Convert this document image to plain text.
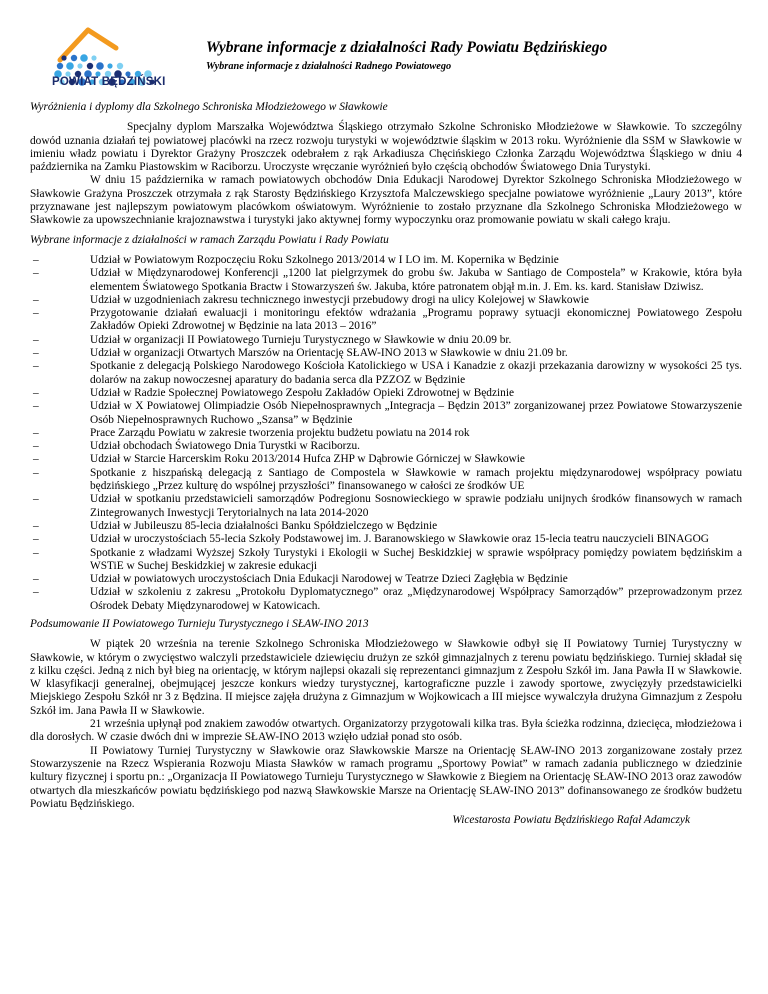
POWIAT BĘDZIŃSKI
Wybrane informacje z działalności Rady Powiatu Będzińskiego
Wybrane informacje z działalności Radnego Powiatowego
Wyróżnienia i dyplomy dla Szkolnego Schroniska Młodzieżowego w Sławkowie

Specjalny dyplom Marszałka Województwa Śląskiego otrzymało Szkolne Schronisko Młodzieżowe w Sławkowie. To szczególny dowód uznania działań tej powiatowej placówki na rzecz rozwoju turystyki w województwie śląskim w 2013 roku. Wyróżnienie dla SSM w Sławkowie w imieniu władz powiatu i Dyrektor Grażyny Proszczek odebrałem z rąk Arkadiusza Chęcińskiego Członka Zarządu Województwa Śląskiego w dniu 4 października na Zamku Piastowskim w Raciborzu. Uroczyste wręczanie wyróżnień było częścią obchodów Światowego Dnia Turystyki.

W dniu 15 października w ramach powiatowych obchodów Dnia Edukacji Narodowej Dyrektor Szkolnego Schroniska Młodzieżowego w Sławkowie Grażyna Proszczek otrzymała z rąk Starosty Będzińskiego Krzysztofa Malczewskiego specjalne powiatowe wyróżnienie „Laury 2013”, które przyznawane jest najlepszym powiatowym placówkom oświatowym. Wyróżnienie to zostało przyznane dla Szkolnego Schroniska Młodzieżowego w Sławkowie za upowszechnianie krajoznawstwa i turystyki jako aktywnej formy wypoczynku oraz promowanie powiatu w skali całego kraju.

Wybrane informacje z działalności w ramach Zarządu Powiatu i Rady Powiatu
– Udział w Powiatowym Rozpoczęciu Roku Szkolnego 2013/2014 w I LO im. M. Kopernika w Będzinie
– Udział w Międzynarodowej Konferencji „1200 lat pielgrzymek do grobu św. Jakuba w Santiago de Compostela” w Krakowie, która była elementem Światowego Spotkania Bractw i Stowarzyszeń św. Jakuba, które patronatem objął m.in. J. Em. ks. kard. Stanisław Dziwisz.
– Udział w uzgodnieniach zakresu technicznego inwestycji przebudowy drogi na ulicy Kolejowej w Sławkowie
– Przygotowanie działań ewaluacji i monitoringu efektów wdrażania „Programu poprawy sytuacji ekonomicznej Powiatowego Zespołu Zakładów Opieki Zdrowotnej w Będzinie na lata 2013 – 2016”
– Udział w organizacji II Powiatowego Turnieju Turystycznego w Sławkowie w dniu 20.09 br.
– Udział w organizacji Otwartych Marszów na Orientację SŁAW-INO 2013 w Sławkowie w dniu 21.09 br.
– Spotkanie z delegacją Polskiego Narodowego Kościoła Katolickiego w USA i Kanadzie z okazji przekazania darowizny w wysokości 25 tys. dolarów na zakup nowoczesnej aparatury do badania serca dla PZZOZ w Będzinie
– Udział w Radzie Społecznej Powiatowego Zespołu Zakładów Opieki Zdrowotnej w Będzinie
– Udział w X Powiatowej Olimpiadzie Osób Niepełnosprawnych „Integracja – Będzin 2013” zorganizowanej przez Powiatowe Stowarzyszenie Osób Niepełnosprawnych Ruchowo „Szansa” w Będzinie
– Prace Zarządu Powiatu w zakresie tworzenia projektu budżetu powiatu na 2014 rok
– Udział obchodach Światowego Dnia Turystki w Raciborzu.
– Udział w Starcie Harcerskim Roku 2013/2014 Hufca ZHP w Dąbrowie Górniczej w Sławkowie
– Spotkanie z hiszpańską delegacją z Santiago de Compostela w Sławkowie w ramach projektu międzynarodowej współpracy powiatu będzińskiego „Przez kulturę do wspólnej przyszłości” finansowanego w całości ze środków UE
– Udział w spotkaniu przedstawicieli samorządów Podregionu Sosnowieckiego w sprawie podziału unijnych środków finansowych w ramach Zintegrowanych Inwestycji Terytorialnych na lata 2014-2020
– Udział w Jubileuszu 85-lecia działalności Banku Spółdzielczego w Będzinie
– Udział w uroczystościach 55-lecia Szkoły Podstawowej im. J. Baranowskiego w Sławkowie oraz 15-lecia teatru nauczycieli BINAGOG
– Spotkanie z władzami Wyższej Szkoły Turystyki i Ekologii w Suchej Beskidzkiej w sprawie współpracy pomiędzy powiatem będzińskim a WSTiE w Suchej Beskidzkiej w zakresie edukacji
– Udział w powiatowych uroczystościach Dnia Edukacji Narodowej w Teatrze Dzieci Zagłębia w Będzinie
– Udział w szkoleniu z zakresu „Protokołu Dyplomatycznego” oraz „Międzynarodowej Współpracy Samorządów” przeprowadzonym przez Ośrodek Debaty Międzynarodowej w Katowicach.
Podsumowanie II Powiatowego Turnieju Turystycznego i SŁAW-INO 2013

W piątek 20 września na terenie Szkolnego Schroniska Młodzieżowego w Sławkowie odbył się II Powiatowy Turniej Turystyczny w Sławkowie, w którym o zwycięstwo walczyli przedstawiciele dziewięciu drużyn ze szkół gimnazjalnych z terenu powiatu będzińskiego. Turniej składał się z kilku części. Jedną z nich był bieg na orientację, w którym najlepsi okazali się reprezentanci gimnazjum z Zespołu Szkół im. Jana Pawła II w Sławkowie. W klasyfikacji generalnej, obejmującej jeszcze konkurs wiedzy turystycznej, kartograficzne puzzle i zawody sportowe, zwycięzyły przedstawicielki Miejskiego Zespołu Szkół nr 3 z Będzina. II miejsce zajęła drużyna z Gimnazjum w Wojkowicach a III miejsce wywalczyła drużyna Gimnazjum z Zespołu Szkół im. Jana Pawła II w Sławkowie.

21 września upłynął pod znakiem zawodów otwartych. Organizatorzy przygotowali kilka tras. Była ścieżka rodzinna, dziecięca, młodzieżowa i dla dorosłych. W czasie dwóch dni w imprezie SŁAW-INO 2013 wzięło udział ponad sto osób.

II Powiatowy Turniej Turystyczny w Sławkowie oraz Sławkowskie Marsze na Orientację SŁAW-INO 2013 zorganizowane zostały przez Stowarzyszenie na Rzecz Wspierania Rozwoju Miasta Sławków w ramach programu „Sportowy Powiat” w ramach zadania publicznego w dziedzinie kultury fizycznej i sportu pn.: „Organizacja II Powiatowego Turnieju Turystycznego w Sławkowie z Biegiem na Orientację SŁAW-INO 2013 oraz zawodów otwartych dla mieszkańców powiatu będzińskiego pod nazwą Sławkowskie Marsze na Orientację SŁAW-INO 2013” dofinansowanego ze środków budżetu Powiatu Będzińskiego.

Wicestarosta Powiatu Będzińskiego Rafał Adamczyk
